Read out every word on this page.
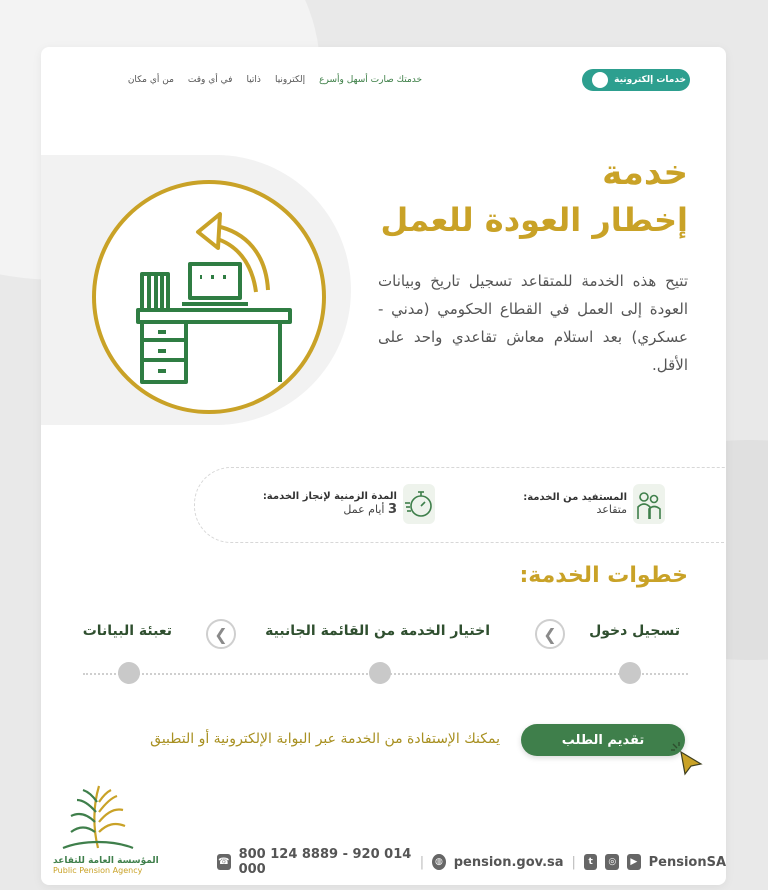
خدمات إلكترونية
خدمتك صارت أسهل وأسرع
إلكترونيا
ذاتيا
في أي وقت
من أي مكان
خدمة
إخطار العودة للعمل
تتيح هذه الخدمة للمتقاعد تسجيل تاريخ وبيانات العودة إلى العمل في القطاع الحكومي (مدني - عسكري) بعد استلام معاش تقاعدي واحد على الأقل.
المستفيد من الخدمة:
متقاعد
المدة الزمنية لإنجاز الخدمة:
3 أيام عمل
خطوات الخدمة:
تسجيل دخول
❮
اختيار الخدمة من القائمة الجانبية
❮
تعبئة البيانات
تقديم الطلب
يمكنك الإستفادة من الخدمة عبر البوابة الإلكترونية أو التطبيق
المؤسسة العامة للتقاعد
Public Pension Agency
☎ 800 124 8889 - 920 014 000	|	◍ pension.gov.sa |	t	◎	▶ PensionSA
